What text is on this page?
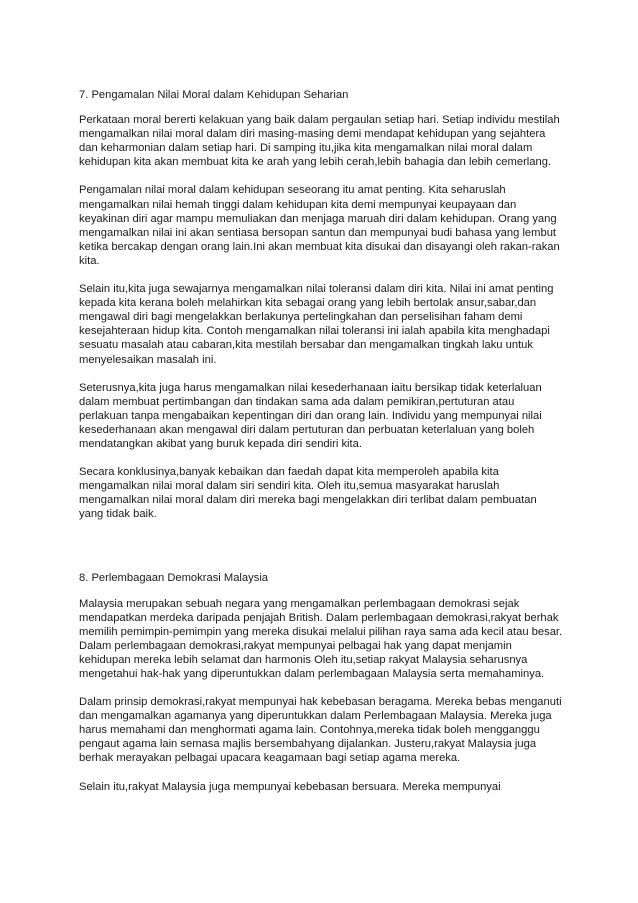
7. Pengamalan Nilai Moral dalam Kehidupan Seharian

Perkataan moral bererti kelakuan yang baik dalam pergaulan setiap hari. Setiap individu mestilah mengamalkan nilai moral dalam diri masing-masing demi mendapat kehidupan yang sejahtera dan keharmonian dalam setiap hari. Di samping itu,jika kita mengamalkan nilai moral dalam kehidupan kita akan membuat kita ke arah yang lebih cerah,lebih bahagia dan lebih cemerlang.

Pengamalan nilai moral dalam kehidupan seseorang itu amat penting. Kita seharuslah mengamalkan nilai hemah tinggi dalam kehidupan kita demi mempunyai keupayaan dan keyakinan diri agar mampu memuliakan dan menjaga maruah diri dalam kehidupan. Orang yang mengamalkan nilai ini akan sentiasa bersopan santun dan mempunyai budi bahasa yang lembut ketika bercakap dengan orang lain.Ini akan membuat kita disukai dan disayangi oleh rakan-rakan kita.

Selain itu,kita juga sewajarnya mengamalkan nilai toleransi dalam diri kita. Nilai ini amat penting kepada kita kerana boleh melahirkan kita sebagai orang yang lebih bertolak ansur,sabar,dan mengawal diri bagi mengelakkan berlakunya pertelingkahan dan perselisihan faham demi kesejahteraan hidup kita. Contoh mengamalkan nilai toleransi ini ialah apabila kita menghadapi sesuatu masalah atau cabaran,kita mestilah bersabar dan mengamalkan tingkah laku untuk menyelesaikan masalah ini.

Seterusnya,kita juga harus mengamalkan nilai kesederhanaan iaitu bersikap tidak keterlaluan dalam membuat pertimbangan dan tindakan sama ada dalam pemikiran,pertuturan atau perlakuan tanpa mengabaikan kepentingan diri dan orang lain. Individu yang mempunyai nilai kesederhanaan akan mengawal diri dalam pertuturan dan perbuatan keterlaluan yang boleh mendatangkan akibat yang buruk kepada diri sendiri kita.

Secara konklusinya,banyak kebaikan dan faedah dapat kita memperoleh apabila kita mengamalkan nilai moral dalam siri sendiri kita. Oleh itu,semua masyarakat haruslah mengamalkan nilai moral dalam diri mereka bagi mengelakkan diri terlibat dalam pembuatan yang tidak baik.

8. Perlembagaan Demokrasi Malaysia

Malaysia merupakan sebuah negara yang mengamalkan perlembagaan demokrasi sejak mendapatkan merdeka daripada penjajah British. Dalam perlembagaan demokrasi,rakyat berhak memilih pemimpin-pemimpin yang mereka disukai melalui pilihan raya sama ada kecil atau besar. Dalam perlembagaan demokrasi,rakyat mempunyai pelbagai hak yang dapat menjamin kehidupan mereka lebih selamat dan harmonis Oleh itu,setiap rakyat Malaysia seharusnya mengetahui hak-hak yang diperuntukkan dalam perlembagaan Malaysia serta memahaminya.

Dalam prinsip demokrasi,rakyat mempunyai hak kebebasan beragama. Mereka bebas menganuti dan mengamalkan agamanya yang diperuntukkan dalam Perlembagaan Malaysia. Mereka juga harus memahami dan menghormati agama lain. Contohnya,mereka tidak boleh mengganggu pengaut agama lain semasa majlis bersembahyang dijalankan. Justeru,rakyat Malaysia juga berhak merayakan pelbagai upacara keagamaan bagi setiap agama mereka.

Selain itu,rakyat Malaysia juga mempunyai kebebasan bersuara. Mereka mempunyai
